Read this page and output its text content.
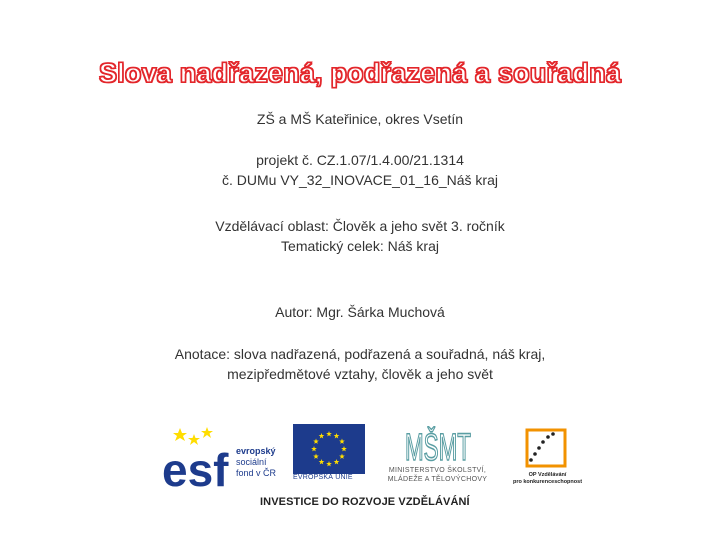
Slova nadřazená, podřazená a souřadná
ZŠ a MŠ Kateřinice, okres Vsetín
projekt č. CZ.1.07/1.4.00/21.1314
č. DUMu VY_32_INOVACE_01_16_Náš kraj
Vzdělávací oblast: Člověk a jeho svět 3. ročník
Tematický celek: Náš kraj
Autor: Mgr. Šárka Muchová
Anotace: slova nadřazená, podřazená a souřadná, náš kraj,
mezipředmětové vztahy, člověk a jeho svět
esf evropský
sociální
fond v ČR EVROPSKÁ UNIE
MŠMT
MINISTERSTVO ŠKOLSTVÍ,
MLÁDEŽE A TĚLOVÝCHOVY
OP Vzdělávání
pro konkurenceschopnost
INVESTICE DO ROZVOJE VZDĚLÁVÁNÍ
